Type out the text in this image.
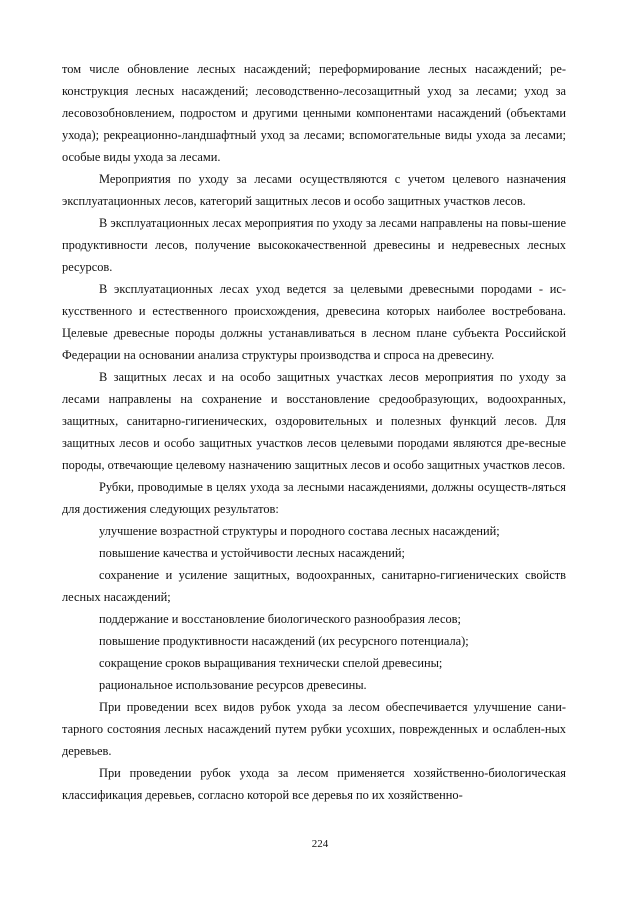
том числе обновление лесных насаждений; переформирование лесных насаждений; ре-конструкция лесных насаждений; лесоводственно-лесозащитный уход за лесами; уход за лесовозобновлением, подростом и другими ценными компонентами насаждений (объектами ухода); рекреационно-ландшафтный уход за лесами; вспомогательные виды ухода за лесами; особые виды ухода за лесами.

Мероприятия по уходу за лесами осуществляются с учетом целевого назначения эксплуатационных лесов, категорий защитных лесов и особо защитных участков лесов.

В эксплуатационных лесах мероприятия по уходу за лесами направлены на повы-шение продуктивности лесов, получение высококачественной древесины и недревесных лесных ресурсов.

В эксплуатационных лесах уход ведется за целевыми древесными породами - ис-кусственного и естественного происхождения, древесина которых наиболее востребована. Целевые древесные породы должны устанавливаться в лесном плане субъекта Российской Федерации на основании анализа структуры производства и спроса на древесину.

В защитных лесах и на особо защитных участках лесов мероприятия по уходу за лесами направлены на сохранение и восстановление средообразующих, водоохранных, защитных, санитарно-гигиенических, оздоровительных и полезных функций лесов. Для защитных лесов и особо защитных участков лесов целевыми породами являются дре-весные породы, отвечающие целевому назначению защитных лесов и особо защитных участков лесов.

Рубки, проводимые в целях ухода за лесными насаждениями, должны осуществ-ляться для достижения следующих результатов:

улучшение возрастной структуры и породного состава лесных насаждений;

повышение качества и устойчивости лесных насаждений;

сохранение и усиление защитных, водоохранных, санитарно-гигиенических свойств лесных насаждений;

поддержание и восстановление биологического разнообразия лесов;

повышение продуктивности насаждений (их ресурсного потенциала);

сокращение сроков выращивания технически спелой древесины;

рациональное использование ресурсов древесины.

При проведении всех видов рубок ухода за лесом обеспечивается улучшение сани-тарного состояния лесных насаждений путем рубки усохших, поврежденных и ослаблен-ных деревьев.

При проведении рубок ухода за лесом применяется хозяйственно-биологическая классификация деревьев, согласно которой все деревья по их хозяйственно-

224
